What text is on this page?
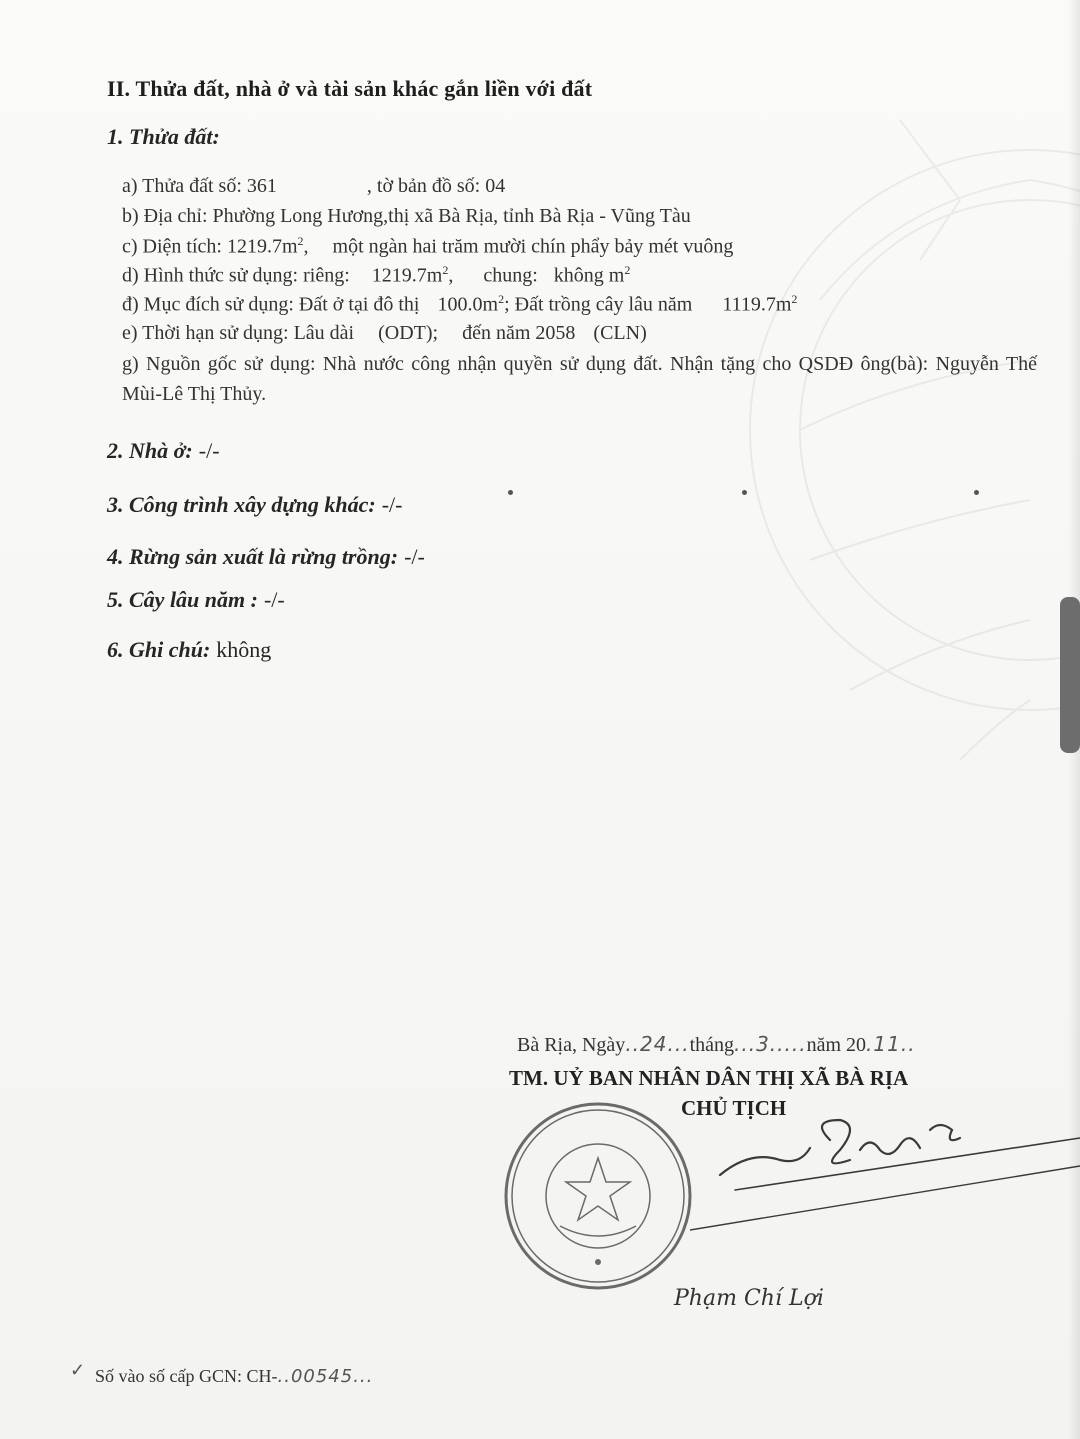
II. Thửa đất, nhà ở và tài sản khác gắn liền với đất
1. Thửa đất:
a) Thửa đất số: 361	, tờ bản đồ số: 04
b) Địa chỉ: Phường Long Hương,thị xã Bà Rịa, tỉnh Bà Rịa - Vũng Tàu
c) Diện tích: $1219.7m^2$,  một ngàn hai trăm mười chín phẩy bảy mét vuông
d) Hình thức sử dụng: riêng: $1219.7m^2$,  chung: không $m^2$
đ) Mục đích sử dụng: Đất ở tại đô thị $100.0m^2$; Đất trồng cây lâu năm $1119.7m^2$
e) Thời hạn sử dụng: Lâu dài (ODT); đến năm 2058 (CLN)
g) Nguồn gốc sử dụng: Nhà nước công nhận quyền sử dụng đất. Nhận tặng cho QSDĐ ông(bà): Nguyễn Thế Mùi-Lê Thị Thủy.
2. Nhà ở: -/-
3. Công trình xây dựng khác: -/-
4. Rừng sản xuất là rừng trồng: -/-
5. Cây lâu năm : -/-
6. Ghi chú: không
Bà Rịa, Ngày..24...tháng...3.....năm 20.11..
TM. UỶ BAN NHÂN DÂN THỊ XÃ BÀ RỊA
CHỦ TỊCH
Phạm Chí Lợi
✓ Số vào số cấp GCN: CH-..00545...
